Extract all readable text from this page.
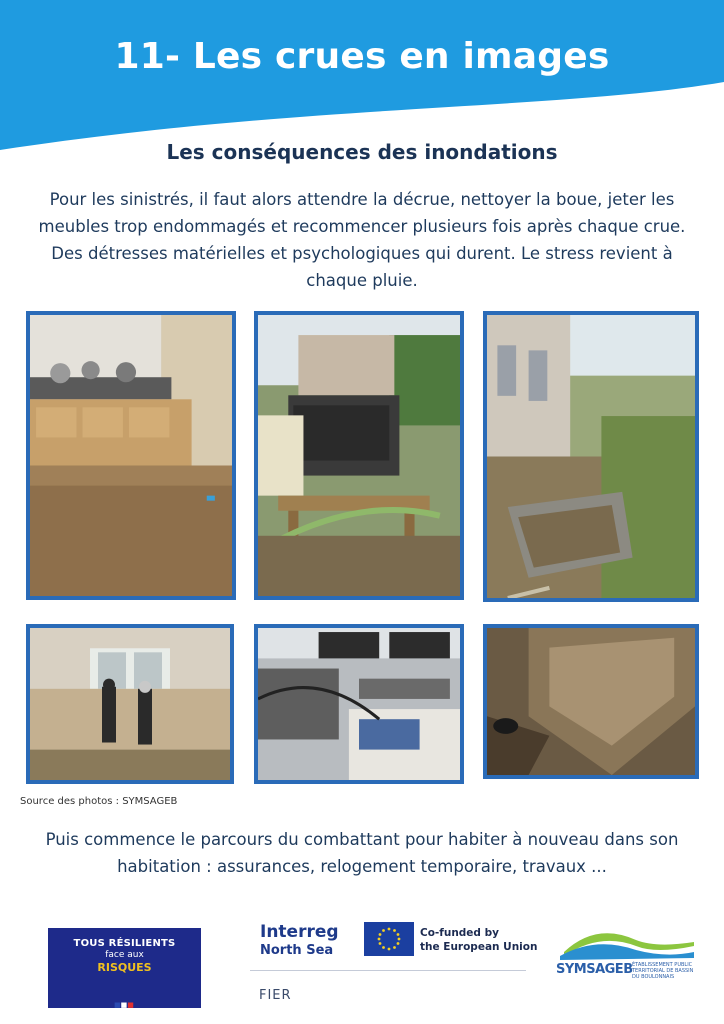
11- Les crues en images
Les conséquences des inondations
Pour les sinistrés, il faut alors attendre la décrue, nettoyer la boue, jeter les meubles trop endommagés et recommencer plusieurs fois après chaque crue. Des détresses matérielles et psychologiques qui durent. Le stress revient à chaque pluie.
Source des photos : SYMSAGEB
Puis commence le parcours du combattant pour habiter à nouveau dans son habitation : assurances, relogement temporaire, travaux ...
TOUS RÉSILIENTS
face aux
RISQUES
■■■
Interreg
North Sea
Co-funded by
the European Union
FIER
SYMSAGEB ÉTABLISSEMENT PUBLIC TERRITORIAL DE BASSIN DU BOULONNAIS
